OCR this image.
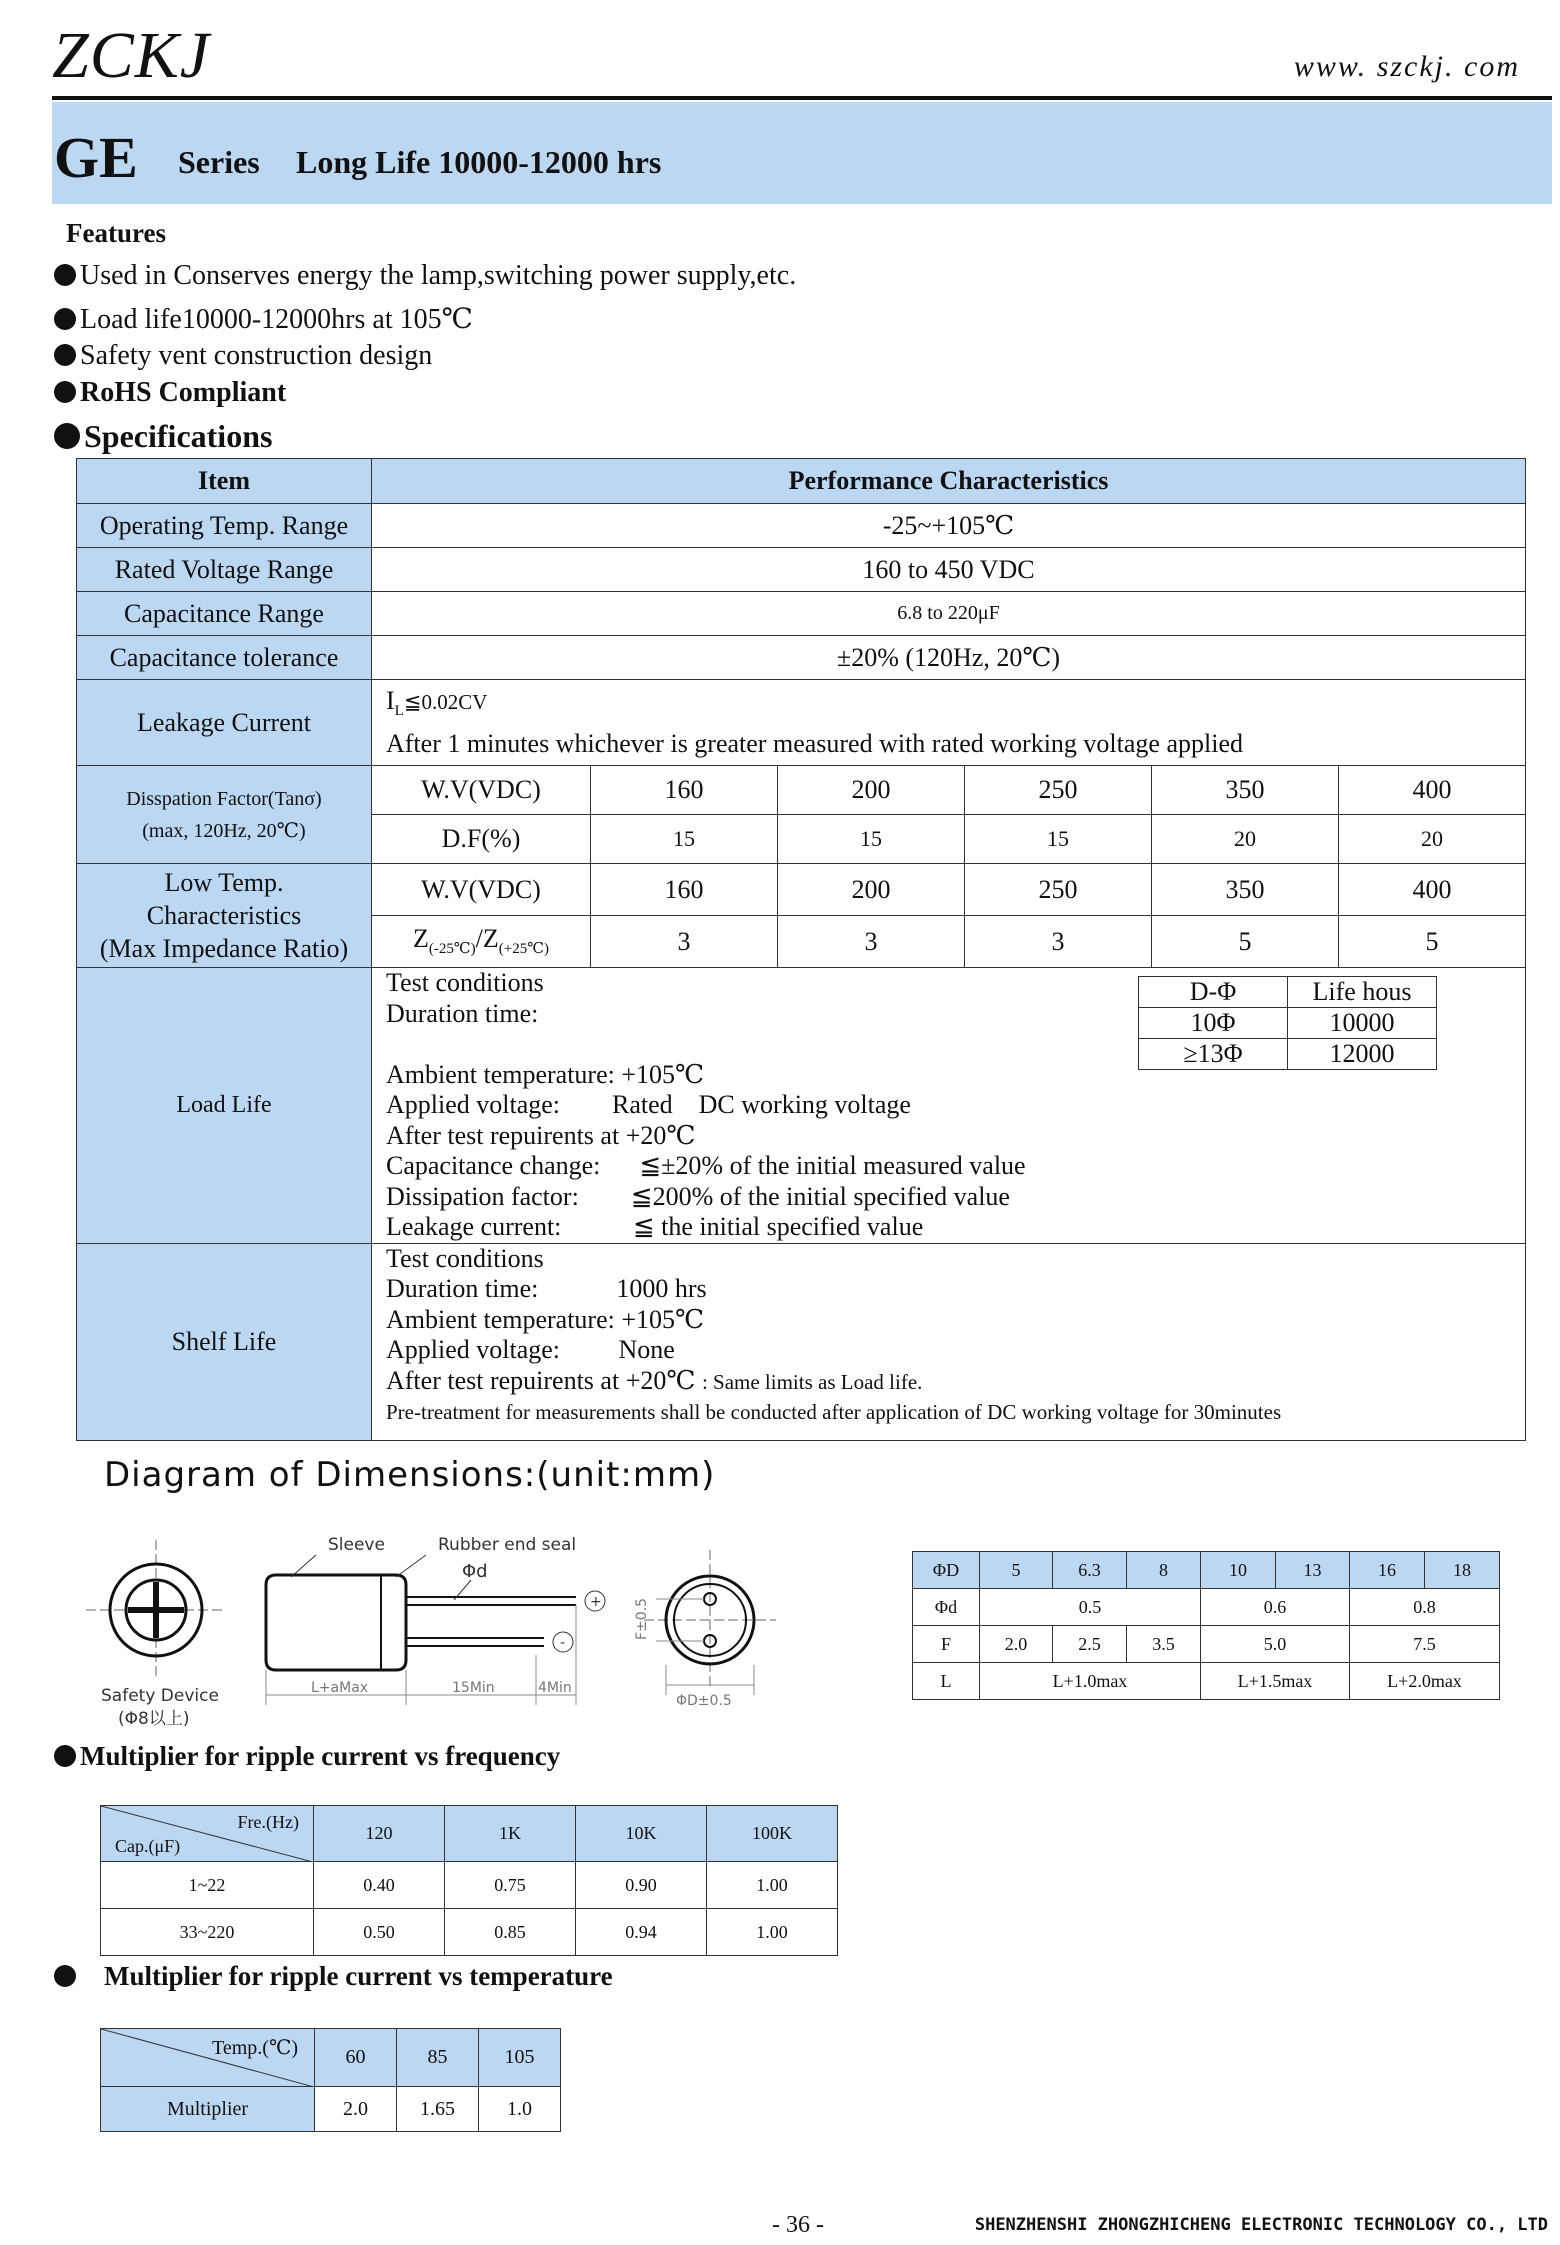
ZCKJ	www. szckj. com
GE Series Long Life 10000-12000 hrs
Features
Used in Conserves energy the lamp,switching power supply,etc.
Load life10000-12000hrs at 105℃
Safety vent construction design
RoHS Compliant
Specifications
Item	Performance Characteristics
Operating Temp. Range	-25~+105℃
Rated Voltage Range	160 to 450 VDC
Capacitance Range	6.8 to 220μF
Capacitance tolerance	±20% (120Hz, 20℃)
Leakage Current	
$I_L≦0.02CV$
After 1 minutes whichever is greater measured with rated working voltage applied

Disspation Factor(Tanσ)
(max, 120Hz, 20℃)
	W.V(VDC)	160	200	250	350	400
D.F(%)	15	15	15	20	20

Low Temp.
Characteristics
(Max Impedance Ratio)
	W.V(VDC)	160	200	250	350	400
$Z_{(-25℃)}/Z_{(+25℃)}$	3	3	3	5	5
Load Life	
Test conditions
Duration time:
Ambient temperature: +105℃
Applied voltage:        Rated    DC working voltage
After test repuirents at +20℃
Capacitance change:      ≦±20% of the initial measured value
Dissipation factor:        ≦200% of the initial specified value
Leakage current:           ≦ the initial specified value
D-Φ	Life hous
10Φ	10000
≥13Φ	12000

Shelf Life	
Test conditions
Duration time:            1000 hrs
Ambient temperature: +105℃
Applied voltage:         None
After test repuirents at +20℃ : Same limits as Load life.
Pre-treatment for measurements shall be conducted after application of DC working voltage for 30minutes
Diagram of Dimensions:(unit:mm)
Safety Device
(Φ8以上)
Sleeve	Rubber end seal
Φd
+
-
L+aMax	15Min	4Min
ΦD±0.5
F±0.5
ΦD	5	6.3	8	10	13	16	18
Φd	0.5			0.6		0.8	
F	2.0	2.5	3.5	5.0		7.5	
L	L+1.0max			L+1.5max		L+2.0max	
Multiplier for ripple current vs frequency
Fre.(Hz)
Cap.(μF)	120	1K	10K	100K
1~22	0.40	0.75	0.90	1.00
33~220	0.50	0.85	0.94	1.00
Multiplier for ripple current vs temperature
Temp.(℃)	60	85	105
Multiplier	2.0	1.65	1.0
- 36 -	SHENZHENSHI ZHONGZHICHENG ELECTRONIC TECHNOLOGY CO., LTD
